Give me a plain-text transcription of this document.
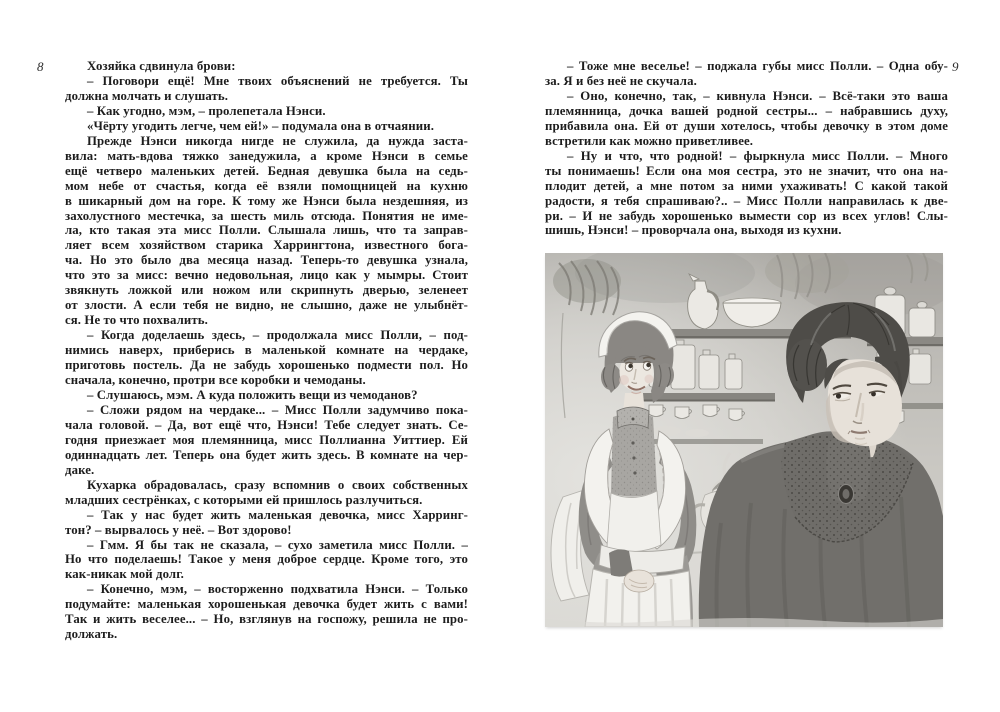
8	Хозяйка сдвинула брови:
– Поговори ещё! Мне твоих объяснений не требуется. Ты
должна молчать и слушать.
– Как угодно, мэм, – пролепетала Нэнси.
«Чёрту угодить легче, чем ей!» – подумала она в отчаянии.
Прежде Нэнси никогда нигде не служила, да нужда заста-
вила: мать-вдова тяжко занедужила, а кроме Нэнси в семье
ещё четверо маленьких детей. Бедная девушка была на седь-
мом небе от счастья, когда её взяли помощницей на кухню
в шикарный дом на горе. К тому же Нэнси была нездешняя, из
захолустного местечка, за шесть миль отсюда. Понятия не име-
ла, кто такая эта мисс Полли. Слышала лишь, что та заправ-
ляет всем хозяйством старика Харрингтона, известного бога-
ча. Но это было два месяца назад. Теперь-то девушка узнала,
что это за мисс: вечно недовольная, лицо как у мымры. Стоит
звякнуть ложкой или ножом или скрипнуть дверью, зеленеет
от злости. А если тебя не видно, не слышно, даже не улыбнёт-
ся. Не то что похвалить.
– Когда доделаешь здесь, – продолжала мисс Полли, – под-
нимись наверх, приберись в маленькой комнате на чердаке,
приготовь постель. Да не забудь хорошенько подмести пол. Но
сначала, конечно, протри все коробки и чемоданы.
– Слушаюсь, мэм. А куда положить вещи из чемоданов?
– Сложи рядом на чердаке... – Мисс Полли задумчиво пока-
чала головой. – Да, вот ещё что, Нэнси! Тебе следует знать. Се-
годня приезжает моя племянница, мисс Поллианна Уиттиер. Ей
одиннадцать лет. Теперь она будет жить здесь. В комнате на чер-
даке.
Кухарка обрадовалась, сразу вспомнив о своих собственных
младших сестрёнках, с которыми ей пришлось разлучиться.
– Так у нас будет жить маленькая девочка, мисс Харринг-
тон? – вырвалось у неё. – Вот здорово!
– Гмм. Я бы так не сказала, – сухо заметила мисс Полли. –
Но что поделаешь! Такое у меня доброе сердце. Кроме того, это
как-никак мой долг.
– Конечно, мэм, – восторженно подхватила Нэнси. – Только
подумайте: маленькая хорошенькая девочка будет жить с вами!
Так и жить веселее... – Но, взглянув на госпожу, решила не про-
должать.
9
– Тоже мне веселье! – поджала губы мисс Полли. – Одна обу-
за. Я и без неё не скучала.
– Оно, конечно, так, – кивнула Нэнси. – Всё-таки это ваша
племянница, дочка вашей родной сестры... – набравшись духу,
прибавила она. Ей от души хотелось, чтобы девочку в этом доме
встретили как можно приветливее.
– Ну и что, что родной! – фыркнула мисс Полли. – Много
ты понимаешь! Если она моя сестра, это не значит, что она на-
плодит детей, а мне потом за ними ухаживать! С какой такой
радости, я тебя спрашиваю?.. – Мисс Полли направилась к две-
ри. – И не забудь хорошенько вымести сор из всех углов! Слы-
шишь, Нэнси! – проворчала она, выходя из кухни.
